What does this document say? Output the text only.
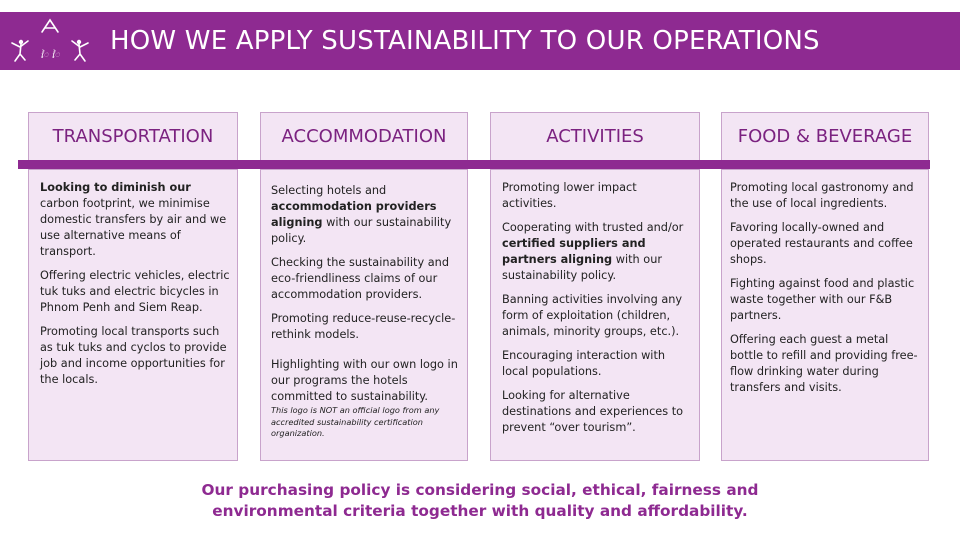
ៃ ៃ HOW WE APPLY SUSTAINABILITY TO OUR OPERATIONS
TRANSPORTATION	ACCOMMODATION	ACTIVITIES	FOOD & BEVERAGE

Looking to diminish our carbon footprint, we minimise domestic transfers by air and we use alternative means of transport.

Offering electric vehicles, electric tuk tuks and electric bicycles in Phnom Penh and Siem Reap.

Promoting local transports such as tuk tuks and cyclos to provide job and income opportunities for the locals.

Selecting hotels and accommodation providers aligning with our sustainability policy.

Checking the sustainability and eco-friendliness claims of our accommodation providers.

Promoting reduce-reuse-recycle-rethink models.

Highlighting with our own logo in our programs the hotels committed to sustainability.
This logo is NOT an official logo from any accredited sustainability certification organization.

Promoting lower impact activities.

Cooperating with trusted and/or certified suppliers and partners aligning with our sustainability policy.

Banning activities involving any form of exploitation (children, animals, minority groups, etc.).

Encouraging interaction with local populations.

Looking for alternative destinations and experiences to prevent “over tourism”.

Promoting local gastronomy and the use of local ingredients.

Favoring locally-owned and operated restaurants and coffee shops.

Fighting against food and plastic waste together with our F&B partners.

Offering each guest a metal bottle to refill and providing free-flow drinking water during transfers and visits.

Our purchasing policy is considering social, ethical, fairness and
environmental criteria together with quality and affordability.
